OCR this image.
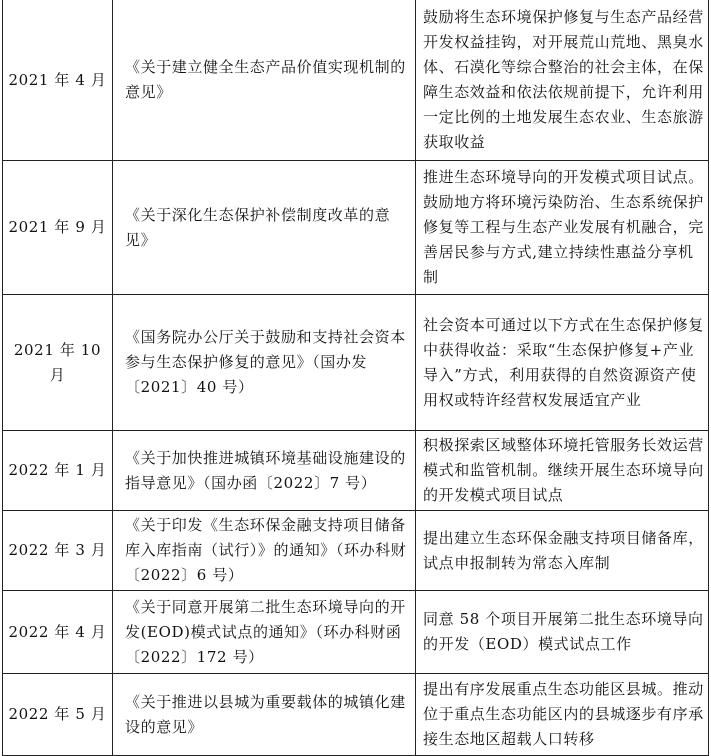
2021 年 4 月	《关于建立健全生态产品价值实现机制的意见》	鼓励将生态环境保护修复与生态产品经营开发权益挂钩，对开展荒山荒地、黑臭水体、石漠化等综合整治的社会主体，在保障生态效益和依法依规前提下，允许利用一定比例的土地发展生态农业、生态旅游获取收益
2021 年 9 月	《关于深化生态保护补偿制度改革的意见》	推进生态环境导向的开发模式项目试点。鼓励地方将环境污染防治、生态系统保护修复等工程与生态产业发展有机融合，完善居民参与方式,建立持续性惠益分享机制
2021 年 10 月	《国务院办公厅关于鼓励和支持社会资本参与生态保护修复的意见》（国办发〔2021〕40 号）	社会资本可通过以下方式在生态保护修复中获得收益：采取“生态保护修复+产业导入”方式，利用获得的自然资源资产使用权或特许经营权发展适宜产业
2022 年 1 月	《关于加快推进城镇环境基础设施建设的指导意见》（国办函〔2022〕7 号）	积极探索区域整体环境托管服务长效运营模式和监管机制。继续开展生态环境导向的开发模式项目试点
2022 年 3 月	《关于印发《生态环保金融支持项目储备库入库指南（试行）》的通知》（环办科财〔2022〕6 号）	提出建立生态环保金融支持项目储备库，试点申报制转为常态入库制
2022 年 4 月	《关于同意开展第二批生态环境导向的开发(EOD)模式试点的通知》（环办科财函〔2022〕172 号）	同意 58 个项目开展第二批生态环境导向的开发（EOD）模式试点工作
2022 年 5 月	《关于推进以县城为重要载体的城镇化建设的意见》	提出有序发展重点生态功能区县城。推动位于重点生态功能区内的县城逐步有序承接生态地区超载人口转移
